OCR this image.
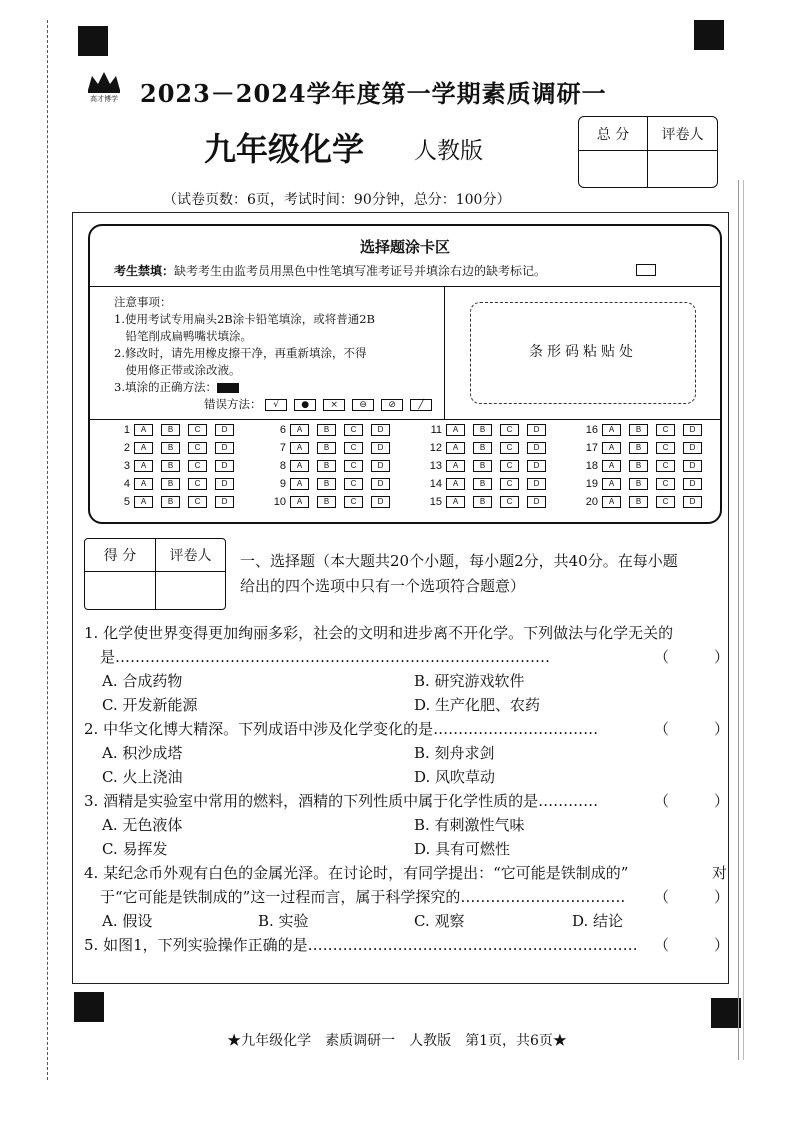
高才博学 2023－2024学年度第一学期素质调研一
九年级化学 人教版
总 分	评卷人
（试卷页数：6页，考试时间：90分钟，总分：100分）
选择题涂卡区
考生禁填：缺考考生由监考员用黑色中性笔填写准考证号并填涂右边的缺考标记。
注意事项：
1.使用考试专用扁头2B涂卡铅笔填涂，或将普通2B
　铅笔削成扁鸭嘴状填涂。
2.修改时，请先用橡皮擦干净，再重新填涂，不得
　使用修正带或涂改液。
3.填涂的正确方法：
错误方法： √ ● × ⊖ ⊘	╱
条形码粘贴处
1 A	B	C	D
2 A	B	C	D
3 A	B	C	D
4 A	B	C	D
5 A	B	C	D
6 A	B	C	D
7 A	B	C	D
8 A	B	C	D
9 A	B	C	D
10 A	B	C	D
11 A	B	C	D
12 A	B	C	D
13 A	B	C	D
14 A	B	C	D
15 A	B	C	D
16 A	B	C	D
17 A	B	C	D
18 A	B	C	D
19 A	B	C	D
20 A	B	C	D
得 分	评卷人	一、选择题（本大题共20个小题，每小题2分，共40分。在每小题
给出的四个选项中只有一个选项符合题意）
1. 化学使世界变得更加绚丽多彩，社会的文明和进步离不开化学。下列做法与化学无关的
是……………………………………………………………………………	（　　　）
A. 合成药物	B. 研究游戏软件
C. 开发新能源	D. 生产化肥、农药
2. 中华文化博大精深。下列成语中涉及化学变化的是……………………………	（　　　）
A. 积沙成塔	B. 刻舟求剑
C. 火上浇油	D. 风吹草动
3. 酒精是实验室中常用的燃料，酒精的下列性质中属于化学性质的是…………	（　　　）
A. 无色液体	B. 有刺激性气味
C. 易挥发	D. 具有可燃性
4. 某纪念币外观有白色的金属光泽。在讨论时，有同学提出：“它可能是铁制成的”	对
于“它可能是铁制成的”这一过程而言，属于科学探究的……………………………	（　　　）
A. 假设	B. 实验	C. 观察	D. 结论
5. 如图1，下列实验操作正确的是…………………………………………………………	（　　　）
★九年级化学　素质调研一　人教版　第1页，共6页★
